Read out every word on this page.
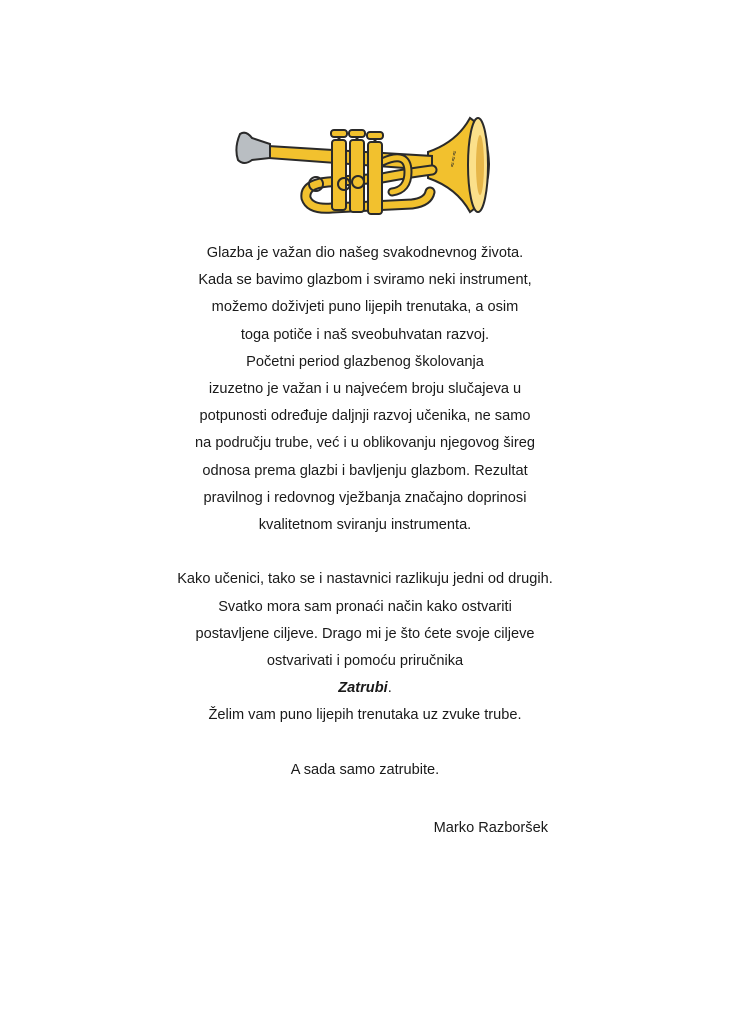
≈≈≈
Glazba je važan dio našeg svakodnevnog života.
Kada se bavimo glazbom i sviramo neki instrument,
možemo doživjeti puno lijepih trenutaka, a osim
toga potiče i naš sveobuhvatan razvoj.
Početni period glazbenog školovanja
izuzetno je važan i u najvećem broju slučajeva u
potpunosti određuje daljnji razvoj učenika, ne samo
na području trube, već i u oblikovanju njegovog šireg
odnosa prema glazbi i bavljenju glazbom. Rezultat
pravilnog i redovnog vježbanja značajno doprinosi
kvalitetnom sviranju instrumenta.
Kako učenici, tako se i nastavnici razlikuju jedni od drugih.
Svatko mora sam pronaći način kako ostvariti
postavljene ciljeve. Drago mi je što ćete svoje ciljeve
ostvarivati i pomoću priručnika
Zatrubi.
Želim vam puno lijepih trenutaka uz zvuke trube.
A sada samo zatrubite.
Marko Razboršek
